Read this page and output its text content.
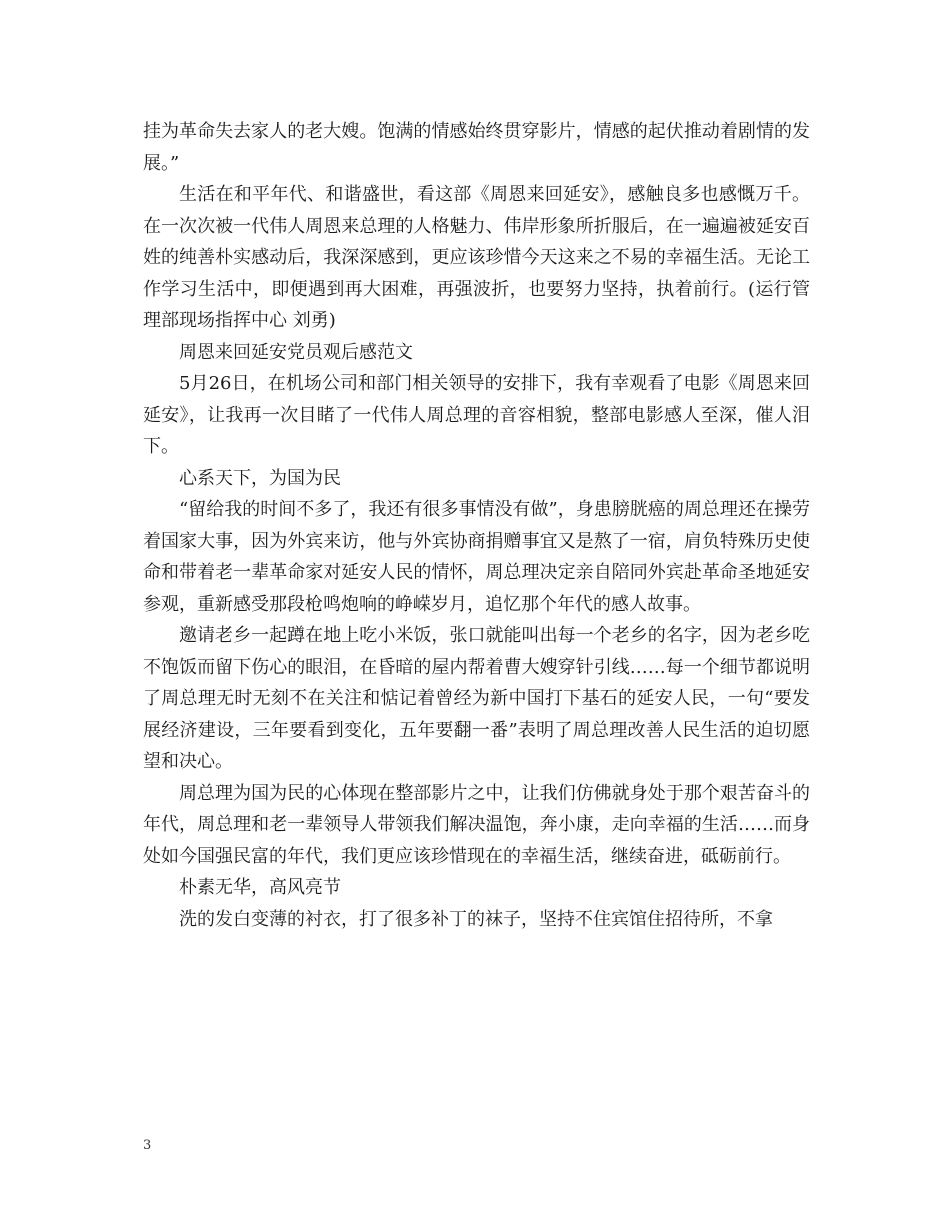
挂为革命失去家人的老大嫂。饱满的情感始终贯穿影片，情感的起伏推动着剧情的发展。”

生活在和平年代、和谐盛世，看这部《周恩来回延安》，感触良多也感慨万千。在一次次被一代伟人周恩来总理的人格魅力、伟岸形象所折服后，在一遍遍被延安百姓的纯善朴实感动后，我深深感到，更应该珍惜今天这来之不易的幸福生活。无论工作学习生活中，即便遇到再大困难，再强波折，也要努力坚持，执着前行。(运行管理部现场指挥中心 刘勇)

周恩来回延安党员观后感范文

5月26日，在机场公司和部门相关领导的安排下，我有幸观看了电影《周恩来回延安》，让我再一次目睹了一代伟人周总理的音容相貌，整部电影感人至深，催人泪下。

心系天下，为国为民

“留给我的时间不多了，我还有很多事情没有做”，身患膀胱癌的周总理还在操劳着国家大事，因为外宾来访，他与外宾协商捐赠事宜又是熬了一宿，肩负特殊历史使命和带着老一辈革命家对延安人民的情怀，周总理决定亲自陪同外宾赴革命圣地延安参观，重新感受那段枪鸣炮响的峥嵘岁月，追忆那个年代的感人故事。

邀请老乡一起蹲在地上吃小米饭，张口就能叫出每一个老乡的名字，因为老乡吃不饱饭而留下伤心的眼泪，在昏暗的屋内帮着曹大嫂穿针引线……每一个细节都说明了周总理无时无刻不在关注和惦记着曾经为新中国打下基石的延安人民，一句“要发展经济建设，三年要看到变化，五年要翻一番”表明了周总理改善人民生活的迫切愿望和决心。

周总理为国为民的心体现在整部影片之中，让我们仿佛就身处于那个艰苦奋斗的年代，周总理和老一辈领导人带领我们解决温饱，奔小康，走向幸福的生活……而身处如今国强民富的年代，我们更应该珍惜现在的幸福生活，继续奋进，砥砺前行。

朴素无华，高风亮节

洗的发白变薄的衬衣，打了很多补丁的袜子，坚持不住宾馆住招待所，不拿

3
